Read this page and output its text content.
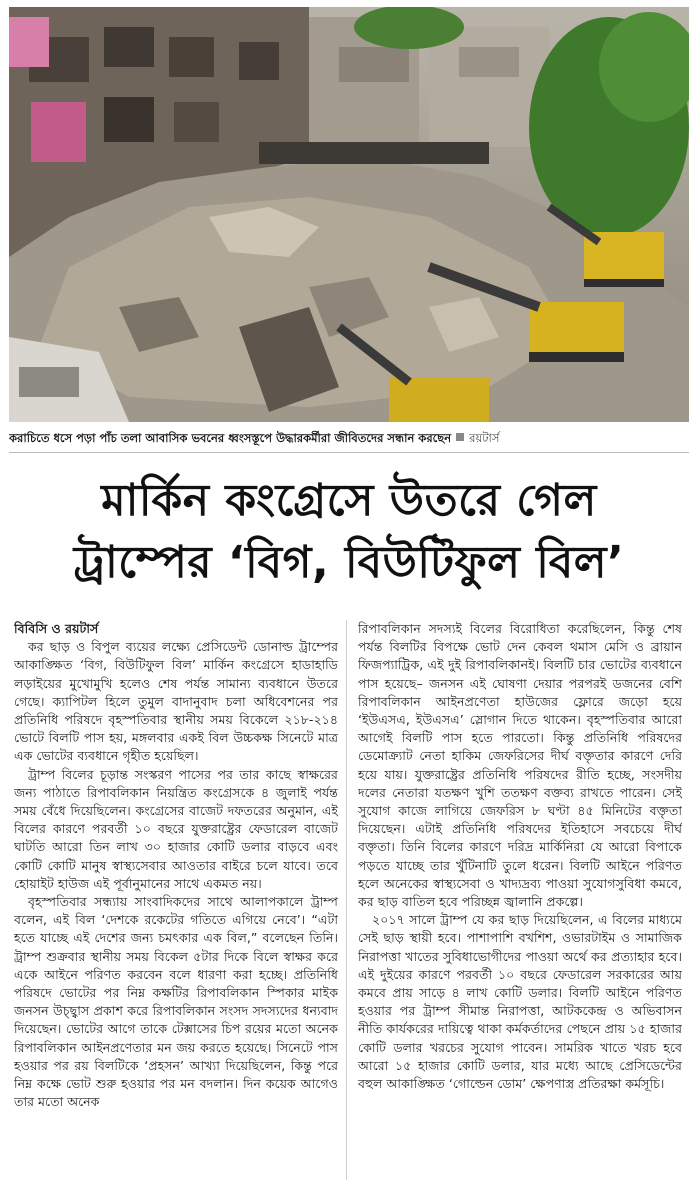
করাচিতে ধসে পড়া পাঁচ তলা আবাসিক ভবনের ধ্বংসস্তূপে উদ্ধারকর্মীরা জীবিতদের সন্ধান করছেন রয়টার্স
মার্কিন কংগ্রেসে উতরে গেল
ট্রাম্পের ‘বিগ, বিউটিফুল বিল’

বিবিসি ও রয়টার্স

কর ছাড় ও বিপুল ব্যয়ের লক্ষ্যে প্রেসিডেন্ট ডোনাল্ড ট্রাম্পের আকাঙ্ক্ষিত ‘বিগ, বিউটিফুল বিল’ মার্কিন কংগ্রেসে হাডাহাডি লড়াইয়ের মুখোমুখি হলেও শেষ পর্যন্ত সামান্য ব্যবধানে উতরে গেছে। ক্যাপিটল হিলে তুমুল বাদানুবাদ চলা অধিবেশনের পর প্রতিনিধি পরিষদে বৃহস্পতিবার স্থানীয় সময় বিকেলে ২১৮-২১৪ ভোটে বিলটি পাস হয়, মঙ্গলবার একই বিল উচ্চকক্ষ সিনেটে মাত্র এক ভোটের ব্যবধানে গৃহীত হয়েছিল।

ট্রাম্প বিলের চূড়ান্ত সংস্করণ পাসের পর তার কাছে স্বাক্ষরের জন্য পাঠাতে রিপাবলিকান নিয়ন্ত্রিত কংগ্রেসকে ৪ জুলাই পর্যন্ত সময় বেঁধে দিয়েছিলেন। কংগ্রেসের বাজেট দফতরের অনুমান, এই বিলের কারণে পরবর্তী ১০ বছরে যুক্তরাষ্ট্রের ফেডারেল বাজেট ঘাটতি আরো তিন লাখ ৩০ হাজার কোটি ডলার বাড়বে এবং কোটি কোটি মানুষ স্বাস্থ্যসেবার আওতার বাইরে চলে যাবে। তবে হোয়াইট হাউজ এই পূর্বানুমানের সাথে একমত নয়।

বৃহস্পতিবার সন্ধ্যায় সাংবাদিকদের সাথে আলাপকালে ট্রাম্প বলেন, এই বিল ‘দেশকে রকেটের গতিতে এগিয়ে নেবে’। “এটা হতে যাচ্ছে এই দেশের জন্য চমৎকার এক বিল,” বলেছেন তিনি। ট্রাম্প শুক্রবার স্থানীয় সময় বিকেল ৫টার দিকে বিলে স্বাক্ষর করে একে আইনে পরিণত করবেন বলে ধারণা করা হচ্ছে। প্রতিনিধি পরিষদে ভোটের পর নিম্ন কক্ষটির রিপাবলিকান স্পিকার মাইক জনসন উচ্ছ্বাস প্রকাশ করে রিপাবলিকান সংসদ সদস্যদের ধন্যবাদ দিয়েছেন। ভোটের আগে তাকে টেক্সাসের চিপ রয়ের মতো অনেক রিপাবলিকান আইনপ্রণেতার মন জয় করতে হয়েছে। সিনেটে পাস হওয়ার পর রয় বিলটিকে ‘প্রহসন’ আখ্যা দিয়েছিলেন, কিন্তু পরে নিম্ন কক্ষে ভোট শুরু হওয়ার পর মন বদলান। দিন কয়েক আগেও তার মতো অনেক

রিপাবলিকান সদস্যই বিলের বিরোধিতা করেছিলেন, কিন্তু শেষ পর্যন্ত বিলটির বিপক্ষে ভোট দেন কেবল থমাস মেসি ও ব্রায়ান ফিজপ্যাট্রিক, এই দুই রিপাবলিকানই। বিলটি চার ভোটের ব্যবধানে পাস হয়েছে– জনসন এই ঘোষণা দেয়ার পরপরই ডজনের বেশি রিপাবলিকান আইনপ্রণেতা হাউজের ফ্লোরে জড়ো হয়ে ‘ইউএসএ, ইউএসএ’ স্লোগান দিতে থাকেন। বৃহস্পতিবার আরো আগেই বিলটি পাস হতে পারতো। কিন্তু প্রতিনিধি পরিষদের ডেমোক্র্যাট নেতা হাকিম জেফরিসের দীর্ঘ বক্তৃতার কারণে দেরি হয়ে যায়। যুক্তরাষ্ট্রের প্রতিনিধি পরিষদের রীতি হচ্ছে, সংসদীয় দলের নেতারা যতক্ষণ খুশি ততক্ষণ বক্তব্য রাখতে পারেন। সেই সুযোগ কাজে লাগিয়ে জেফরিস ৮ ঘণ্টা ৪৫ মিনিটের বক্তৃতা দিয়েছেন। এটাই প্রতিনিধি পরিষদের ইতিহাসে সবচেয়ে দীর্ঘ বক্তৃতা। তিনি বিলের কারণে দরিদ্র মার্কিনিরা যে আরো বিপাকে পড়তে যাচ্ছে তার খুঁটিনাটি তুলে ধরেন। বিলটি আইনে পরিণত হলে অনেকের স্বাস্থ্যসেবা ও খাদ্যদ্রব্য পাওয়া সুযোগসুবিধা কমবে, কর ছাড় বাতিল হবে পরিচ্ছন্ন জ্বালানি প্রকল্পে।

২০১৭ সালে ট্রাম্প যে কর ছাড় দিয়েছিলেন, এ বিলের মাধ্যমে সেই ছাড় স্থায়ী হবে। পাশাপাশি বখশিশ, ওভারটাইম ও সামাজিক নিরাপত্তা খাতের সুবিধাভোগীদের পাওয়া অর্থে কর প্রত্যাহার হবে। এই দুইয়ের কারণে পরবর্তী ১০ বছরে ফেডারেল সরকারের আয় কমবে প্রায় সাড়ে ৪ লাখ কোটি ডলার। বিলটি আইনে পরিণত হওয়ার পর ট্রাম্প সীমান্ত নিরাপত্তা, আটককেন্দ্র ও অভিবাসন নীতি কার্যকরের দায়িত্বে থাকা কর্মকর্তাদের পেছনে প্রায় ১৫ হাজার কোটি ডলার খরচের সুযোগ পাবেন। সামরিক খাতে খরচ হবে আরো ১৫ হাজার কোটি ডলার, যার মধ্যে আছে প্রেসিডেন্টের বহুল আকাঙ্ক্ষিত ‘গোল্ডেন ডোম’ ক্ষেপণাস্ত্র প্রতিরক্ষা কর্মসূচি।
